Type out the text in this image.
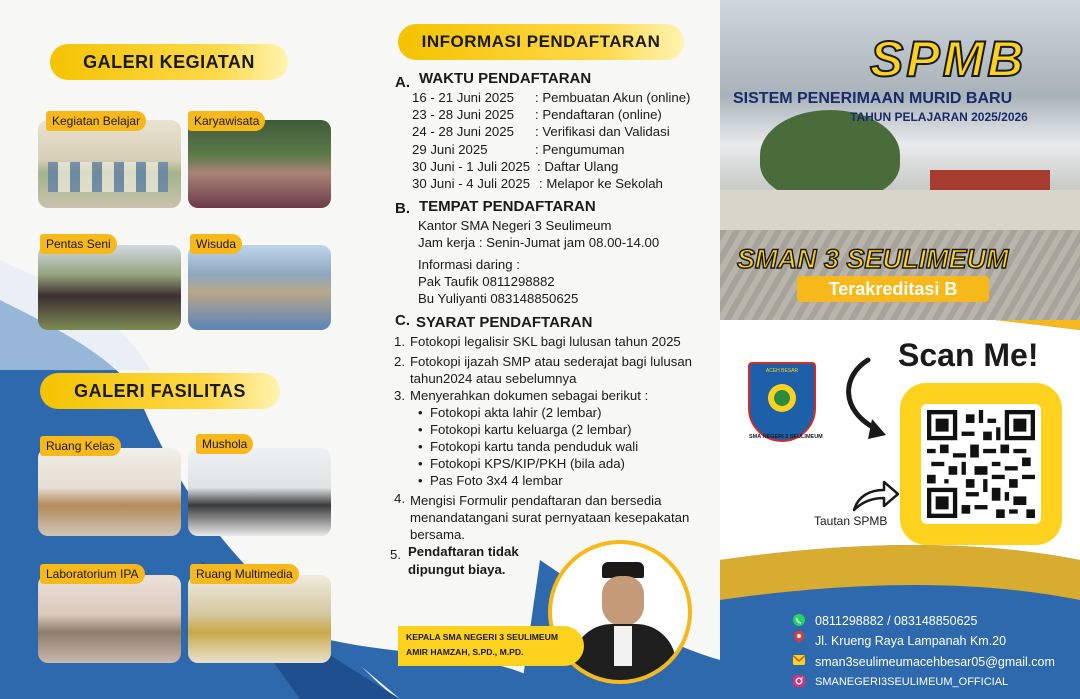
GALERI KEGIATAN
Kegiatan Belajar	Karyawisata
Pentas Seni	Wisuda
GALERI FASILITAS
Ruang Kelas	Mushola
Laboratorium IPA	Ruang Multimedia
INFORMASI PENDAFTARAN
A. WAKTU PENDAFTARAN
16 - 21 Juni 2025 : Pembuatan Akun (online)
23 - 28 Juni 2025 : Pendaftaran (online)
24 - 28 Juni 2025 : Verifikasi dan Validasi
29 Juni 2025	: Pengumuman
30 Juni - 1 Juli 2025 : Daftar Ulang
30 Juni - 4 Juli 2025 : Melapor ke Sekolah
B. TEMPAT PENDAFTARAN
Kantor SMA Negeri 3 Seulimeum
Jam kerja : Senin-Jumat jam 08.00-14.00
Informasi daring :
Pak Taufik 0811298882
Bu Yuliyanti 083148850625
C. SYARAT PENDAFTARAN
1. Fotokopi legalisir SKL bagi lulusan tahun 2025
2. Fotokopi ijazah SMP atau sederajat bagi lulusan
tahun2024 atau sebelumnya
3. Menyerahkan dokumen sebagai berikut :
•  Fotokopi akta lahir (2 lembar)
•  Fotokopi kartu keluarga (2 lembar)
•  Fotokopi kartu tanda penduduk wali
•  Fotokopi KPS/KIP/PKH (bila ada)
•  Pas Foto 3x4 4 lembar
4. Mengisi Formulir pendaftaran dan bersedia
menandatangani surat pernyataan kesepakatan
bersama.
5. Pendaftaran tidak
dipungut biaya.
KEPALA SMA NEGERI 3 SEULIMEUM
AMIR HAMZAH, S.PD., M.PD.
SPMB
SISTEM PENERIMAAN MURID BARU
TAHUN PELAJARAN 2025/2026
SMAN 3 SEULIMEUM
Terakreditasi B
Scan Me!
ACEH BESAR
SMA NEGERI 3 SEULIMEUM
Tautan SPMB
0811298882 / 083148850625
Jl. Krueng Raya Lampanah Km.20
sman3seulimeumacehbesar05@gmail.com
SMANEGERI3SEULIMEUM_OFFICIAL
